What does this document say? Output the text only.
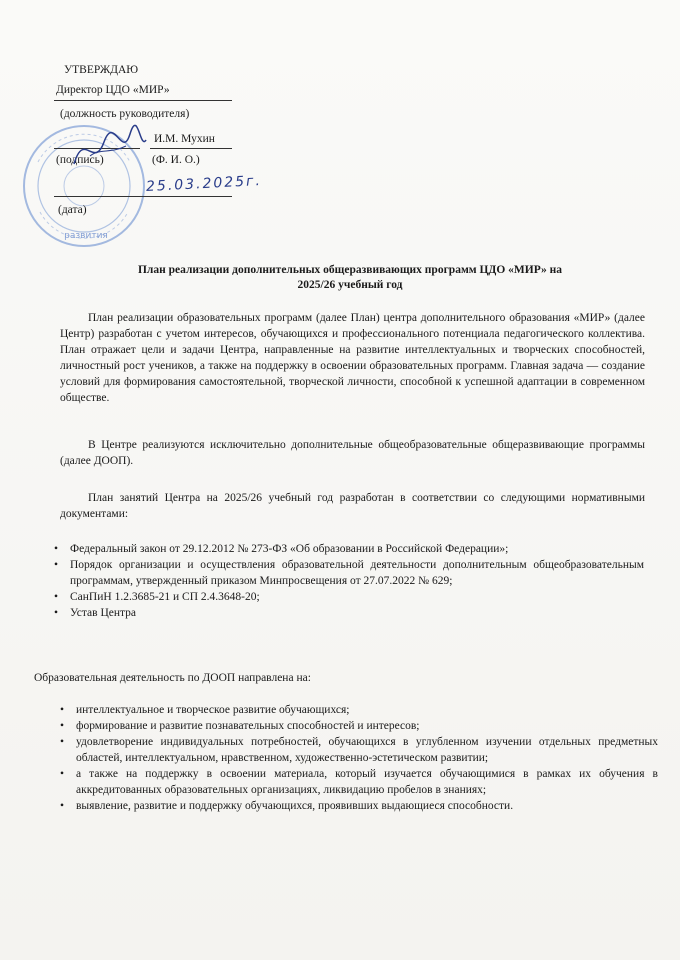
развития
УТВЕРЖДАЮ
Директор ЦДО «МИР»
(должность руководителя)
И.М. Мухин
(подпись)	(Ф. И. О.)
25.03.2025г.
(дата)
План реализации дополнительных общеразвивающих программ ЦДО «МИР» на
2025/26 учебный год
План реализации образовательных программ (далее План) центра дополнительного образования «МИР» (далее Центр) разработан с учетом интересов, обучающихся и профессионального потенциала педагогического коллектива. План отражает цели и задачи Центра, направленные на развитие интеллектуальных и творческих способностей, личностный рост учеников, а также на поддержку в освоении образовательных программ. Главная задача — создание условий для формирования самостоятельной, творческой личности, способной к успешной адаптации в современном обществе.
В Центре реализуются исключительно дополнительные общеобразовательные общеразвивающие программы (далее ДООП).
План занятий Центра на 2025/26 учебный год разработан в соответствии со следующими нормативными документами:
• Федеральный закон от 29.12.2012 № 273-ФЗ «Об образовании в Российской Федерации»;
• Порядок организации и осуществления образовательной деятельности дополнительным общеобразовательным программам, утвержденный приказом Минпросвещения от 27.07.2022 № 629;
• СанПиН 1.2.3685-21 и СП 2.4.3648-20;
• Устав Центра
Образовательная деятельность по ДООП направлена на:
• интеллектуальное и творческое развитие обучающихся;
• формирование и развитие познавательных способностей и интересов;
• удовлетворение индивидуальных потребностей, обучающихся в углубленном изучении отдельных предметных областей, интеллектуальном, нравственном, художественно-эстетическом развитии;
• а также на поддержку в освоении материала, который изучается обучающимися в рамках их обучения в аккредитованных образовательных организациях, ликвидацию пробелов в знаниях;
• выявление, развитие и поддержку обучающихся, проявивших выдающиеся способности.
